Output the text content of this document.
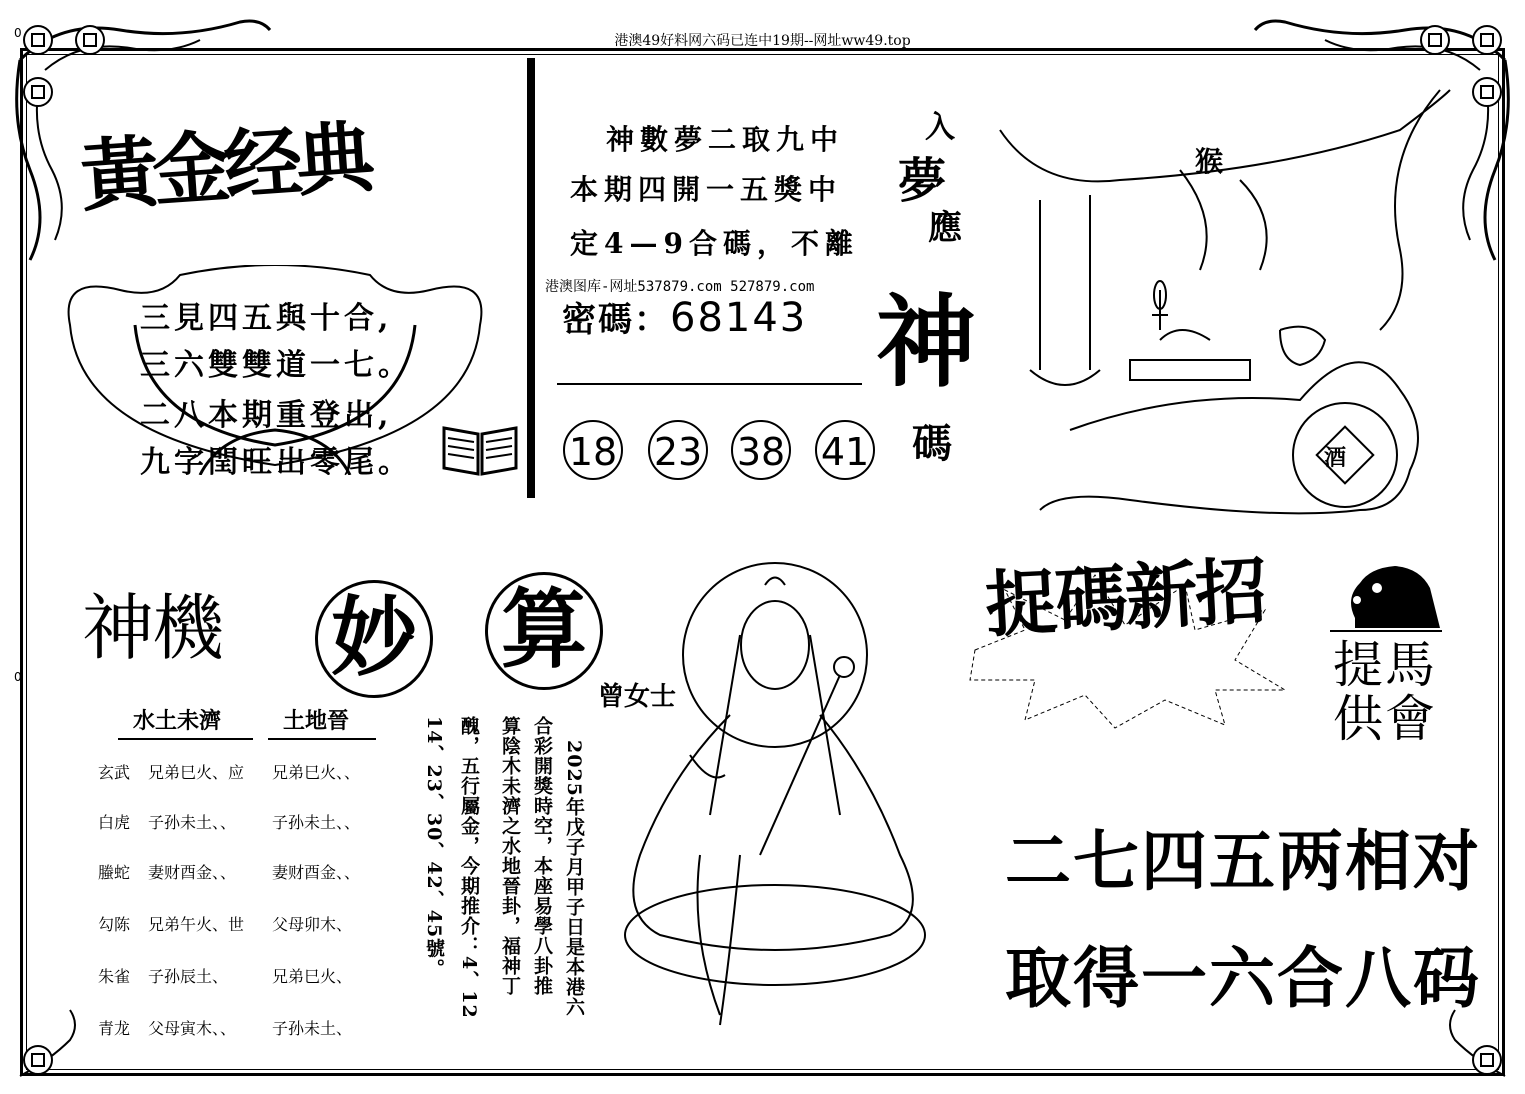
港澳49好料网六码已连中19期--网址ww49.top
0
0
黃金经典
三見四五與十合,
三六雙雙道一七。
二八本期重登出,
九字閏旺出零尾。
神數夢二取九中
本期四開一五獎中
定4—9合碼，不離
港澳图库-网址537879.com 527879.com
密碼：68143
18 23 38 41
入
夢
應
神
碼	酒
猴
神機 妙 算
曾女士
水土未濟	土地晉
玄武 兄弟巳火、应
白虎 子孙未土、、
螣蛇 妻财酉金、、
勾陈 兄弟午火、世
朱雀 子孙辰土、
青龙 父母寅木、、
兄弟巳火、、
子孙未土、、
妻财酉金、、
父母卯木、
兄弟巳火、
子孙未土、
2025年戊子月甲子日是本港六
合彩開獎時空，本座易學八卦推
算陰木未濟之水地晉卦，福神丁
醜，五行屬金，今期推介：4、12
14、23、30、42、45號。
捉碼新招
提馬
供會
二七四五两相对
取得一六合八码
